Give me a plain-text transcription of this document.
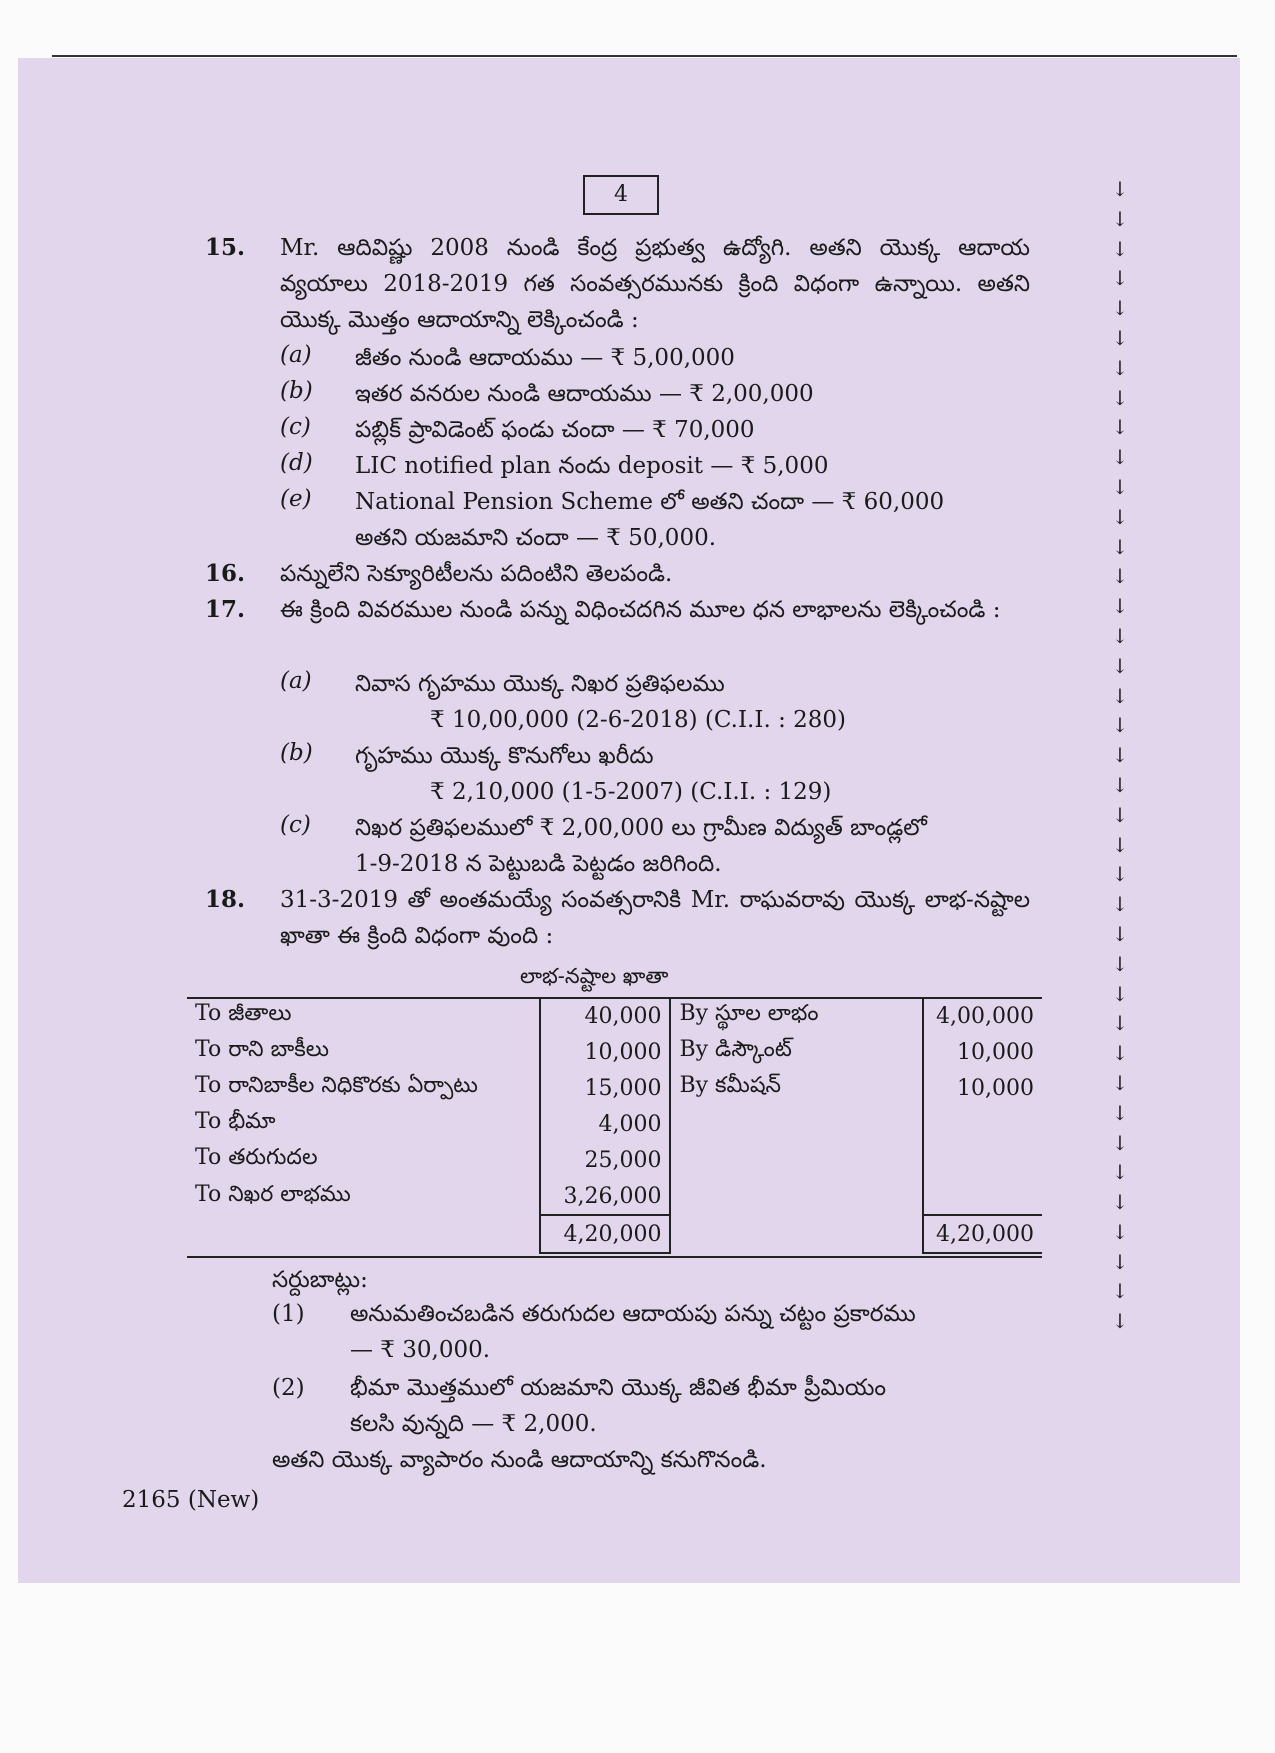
4
15. Mr. ఆదివిష్ణు 2008 నుండి కేంద్ర ప్రభుత్వ ఉద్యోగి. అతని యొక్క ఆదాయ వ్యయాలు 2018-2019 గత సంవత్సరమునకు క్రింది విధంగా ఉన్నాయి. అతని యొక్క మొత్తం ఆదాయాన్ని లెక్కించండి :
(a) జీతం నుండి ఆదాయము — ₹ 5,00,000
(b) ఇతర వనరుల నుండి ఆదాయము — ₹ 2,00,000
(c) పబ్లిక్ ప్రావిడెంట్ ఫండు చందా — ₹ 70,000
(d) LIC notified plan నందు deposit — ₹ 5,000
(e) National Pension Scheme లో అతని చందా — ₹ 60,000
అతని యజమాని చందా — ₹ 50,000.
16. పన్నులేని సెక్యూరిటీలను పదింటిని తెలపండి.
17. ఈ క్రింది వివరముల నుండి పన్ను విధించదగిన మూల ధన లాభాలను లెక్కించండి :
(a) నివాస గృహము యొక్క నిఖర ప్రతిఫలము
₹ 10,00,000 (2-6-2018) (C.I.I. : 280)
(b) గృహము యొక్క కొనుగోలు ఖరీదు
₹ 2,10,000 (1-5-2007) (C.I.I. : 129)
(c) నిఖర ప్రతిఫలములో ₹ 2,00,000 లు గ్రామీణ విద్యుత్ బాండ్లలో
1-9-2018 న పెట్టుబడి పెట్టడం జరిగింది.
18. 31-3-2019 తో అంతమయ్యే సంవత్సరానికి Mr. రాఘవరావు యొక్క లాభ-నష్టాల ఖాతా ఈ క్రింది విధంగా వుంది :
లాభ-నష్టాల ఖాతా
To జీతాలు	40,000	By స్థూల లాభం	4,00,000
To రాని బాకీలు	10,000	By డిస్కౌంట్	10,000
To రానిబాకీల నిధికొరకు ఏర్పాటు	15,000	By కమీషన్	10,000
To భీమా	4,000		
To తరుగుదల	25,000		
To నిఖర లాభము	3,26,000		
	4,20,000		4,20,000
సర్దుబాట్లు:
(1) అనుమతించబడిన తరుగుదల ఆదాయపు పన్ను చట్టం ప్రకారము
— ₹ 30,000.
(2) భీమా మొత్తములో యజమాని యొక్క జీవిత భీమా ప్రీమియం
కలసి వున్నది — ₹ 2,000.
అతని యొక్క వ్యాపారం నుండి ఆదాయాన్ని కనుగొనండి.
↓
↓
↓
↓
↓
↓
↓
↓
↓
↓
↓
↓
↓
↓
↓
↓
↓
↓
↓
↓
↓
↓
↓
↓
↓
↓
↓
↓
↓
↓
↓
↓
↓
↓
↓
↓
↓
↓
↓
2165 (New)
